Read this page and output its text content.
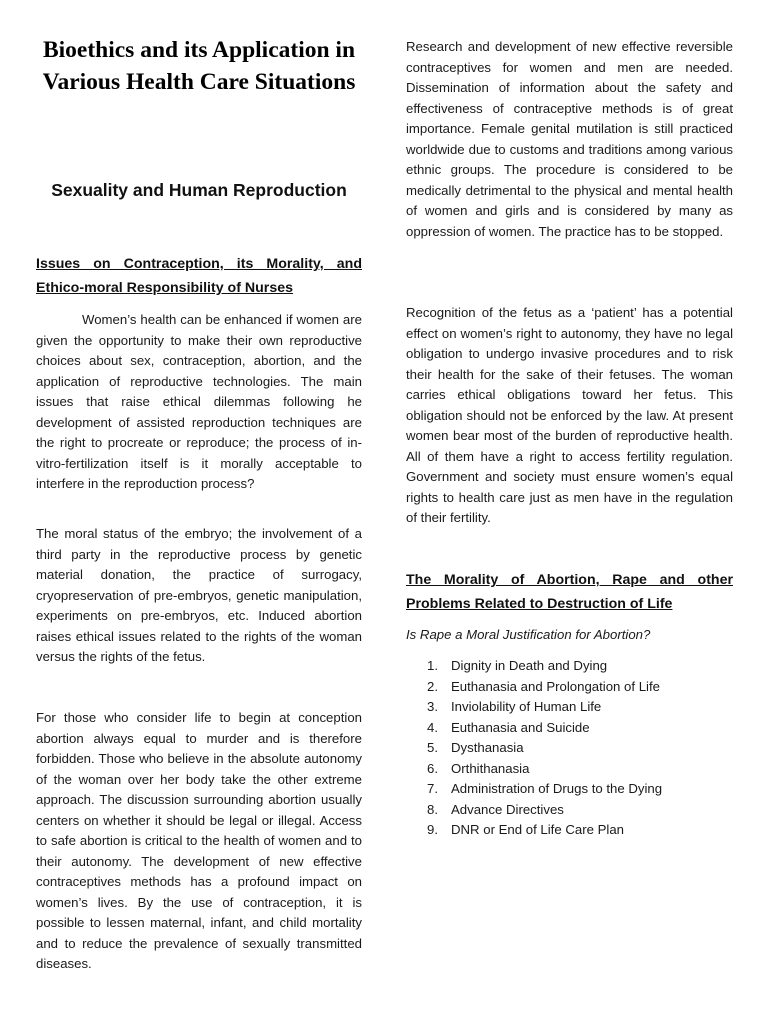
Bioethics and its Application in Various Health Care Situations
Sexuality and Human Reproduction
Issues on Contraception, its Morality, and Ethico-moral Responsibility of Nurses

Women’s health can be enhanced if women are given the opportunity to make their own reproductive choices about sex, contraception, abortion, and the application of reproductive technologies. The main issues that raise ethical dilemmas following he development of assisted reproduction techniques are the right to procreate or reproduce; the process of in-vitro-fertilization itself is it morally acceptable to interfere in the reproduction process?

The moral status of the embryo; the involvement of a third party in the reproductive process by genetic material donation, the practice of surrogacy, cryopreservation of pre-embryos, genetic manipulation, experiments on pre-embryos, etc. Induced abortion raises ethical issues related to the rights of the woman versus the rights of the fetus.

For those who consider life to begin at conception abortion always equal to murder and is therefore forbidden. Those who believe in the absolute autonomy of the woman over her body take the other extreme approach. The discussion surrounding abortion usually centers on whether it should be legal or illegal. Access to safe abortion is critical to the health of women and to their autonomy. The development of new effective contraceptives methods has a profound impact on women’s lives. By the use of contraception, it is possible to lessen maternal, infant, and child mortality and to reduce the prevalence of sexually transmitted diseases.

Research and development of new effective reversible contraceptives for women and men are needed. Dissemination of information about the safety and effectiveness of contraceptive methods is of great importance. Female genital mutilation is still practiced worldwide due to customs and traditions among various ethnic groups. The procedure is considered to be medically detrimental to the physical and mental health of women and girls and is considered by many as oppression of women. The practice has to be stopped.

Recognition of the fetus as a ‘patient’ has a potential effect on women’s right to autonomy, they have no legal obligation to undergo invasive procedures and to risk their health for the sake of their fetuses. The woman carries ethical obligations toward her fetus. This obligation should not be enforced by the law. At present women bear most of the burden of reproductive health. All of them have a right to access fertility regulation. Government and society must ensure women’s equal rights to health care just as men have in the regulation of their fertility.

The Morality of Abortion, Rape and other Problems Related to Destruction of Life

Is Rape a Moral Justification for Abortion?

1. Dignity in Death and Dying
2. Euthanasia and Prolongation of Life
3. Inviolability of Human Life
4. Euthanasia and Suicide
5. Dysthanasia
6. Orthithanasia
7. Administration of Drugs to the Dying
8. Advance Directives
9. DNR or End of Life Care Plan
